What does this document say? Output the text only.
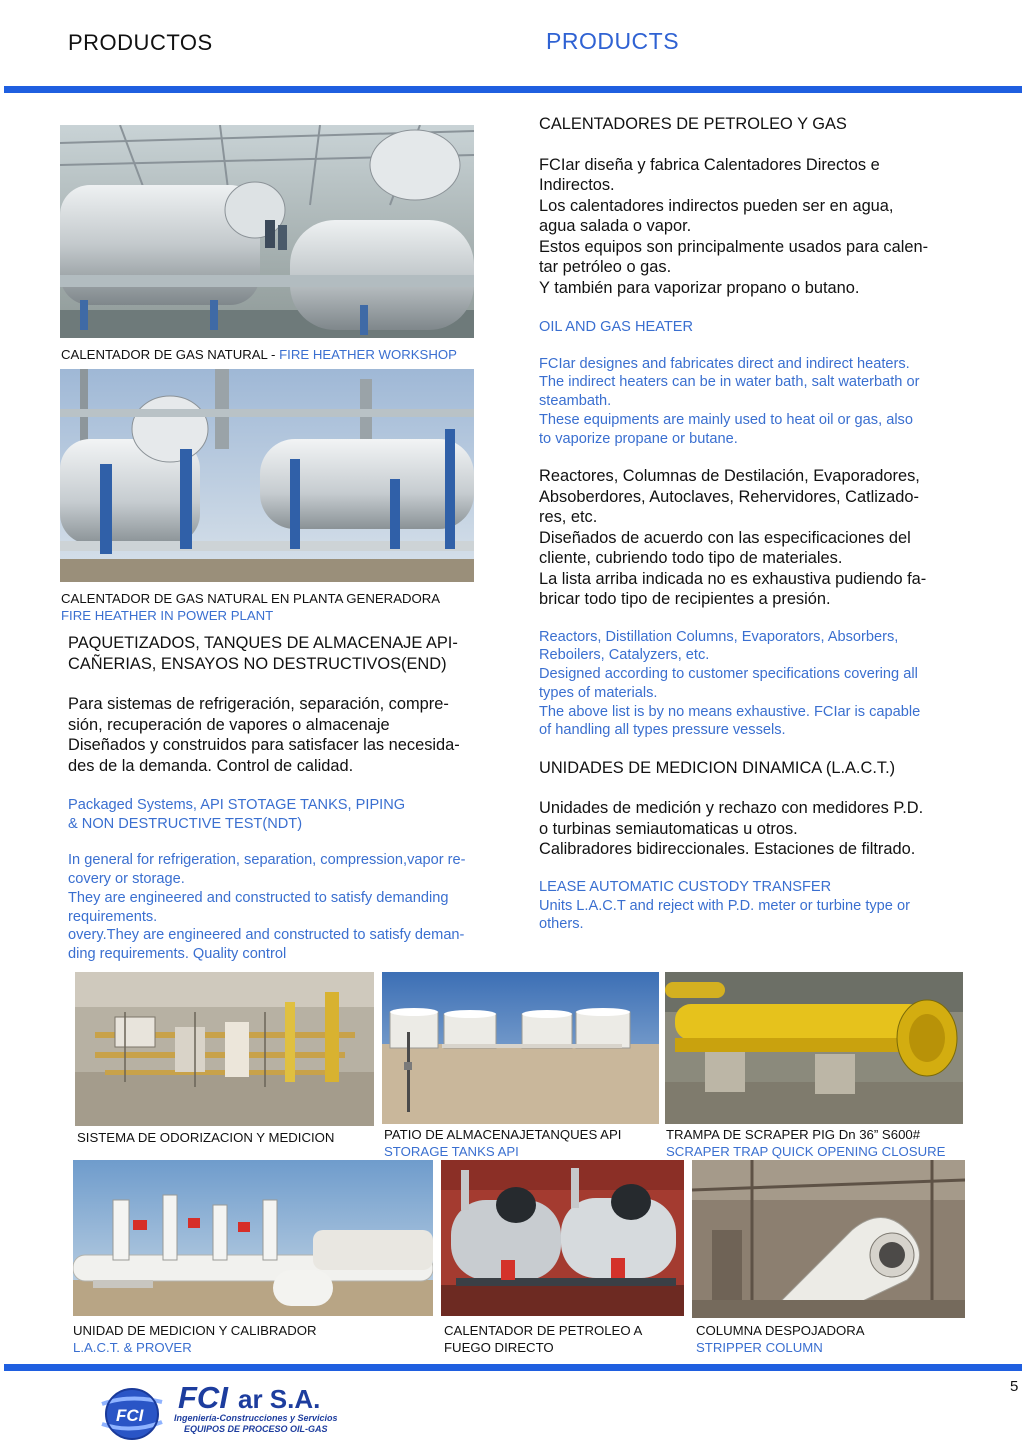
PRODUCTOS	PRODUCTS
CALENTADOR DE GAS NATURAL - FIRE HEATHER WORKSHOP
CALENTADOR DE GAS NATURAL EN PLANTA GENERADORA
FIRE HEATHER IN POWER PLANT
PAQUETIZADOS, TANQUES DE ALMACENAJE API-
CAÑERIAS, ENSAYOS NO DESTRUCTIVOS(END)
Para sistemas de refrigeración, separación, compre-
sión, recuperación de vapores o almacenaje
Diseñados y construidos para satisfacer las necesida-
des de la demanda. Control de calidad.
Packaged Systems, API STOTAGE TANKS, PIPING
& NON DESTRUCTIVE TEST(NDT)
In general for refrigeration, separation, compression,vapor re-
covery or storage.
They are engineered and constructed to satisfy demanding
requirements.
overy.They are engineered and constructed to satisfy deman-
ding requirements. Quality control
CALENTADORES DE PETROLEO Y GAS
FCIar diseña y fabrica Calentadores Directos e
Indirectos.
Los calentadores indirectos pueden ser en agua,
agua salada o vapor.
Estos equipos son principalmente usados para calen-
tar petróleo o gas.
Y también para vaporizar propano o butano.
OIL AND GAS HEATER
FCIar designes and fabricates direct and indirect heaters.
The indirect heaters can be in water bath, salt waterbath or
steambath.
These equipments are mainly used to heat oil or gas, also
to vaporize propane or butane.
Reactores, Columnas de Destilación, Evaporadores,
Absoberdores, Autoclaves, Rehervidores, Catlizado-
res, etc.
Diseñados de acuerdo con las especificaciones del
cliente, cubriendo todo tipo de materiales.
La lista arriba indicada no es exhaustiva pudiendo fa-
bricar todo tipo de recipientes a presión.
Reactors, Distillation Columns, Evaporators, Absorbers,
Reboilers, Catalyzers, etc.
Designed according to customer specifications covering all
types of materials.
The above list is by no means exhaustive. FCIar is capable
of handling all types pressure vessels.
UNIDADES DE MEDICION DINAMICA (L.A.C.T.)
Unidades de medición y rechazo con medidores P.D.
o turbinas semiautomaticas u otros.
Calibradores bidireccionales. Estaciones de filtrado.
LEASE AUTOMATIC CUSTODY TRANSFER
Units L.A.C.T and reject with P.D. meter or turbine type or
others.
SISTEMA DE ODORIZACION Y MEDICION	PATIO DE ALMACENAJETANQUES API
STORAGE TANKS API
TRAMPA DE SCRAPER PIG Dn 36” S600#
SCRAPER TRAP QUICK OPENING CLOSURE
UNIDAD DE MEDICION Y CALIBRADOR
L.A.C.T. & PROVER
CALENTADOR DE PETROLEO A
FUEGO DIRECTO
COLUMNA DESPOJADORA
STRIPPER COLUMN
5
FCI
FCI ar S.A.
Ingeniería-Construcciones y Servicios
EQUIPOS DE PROCESO OIL-GAS
